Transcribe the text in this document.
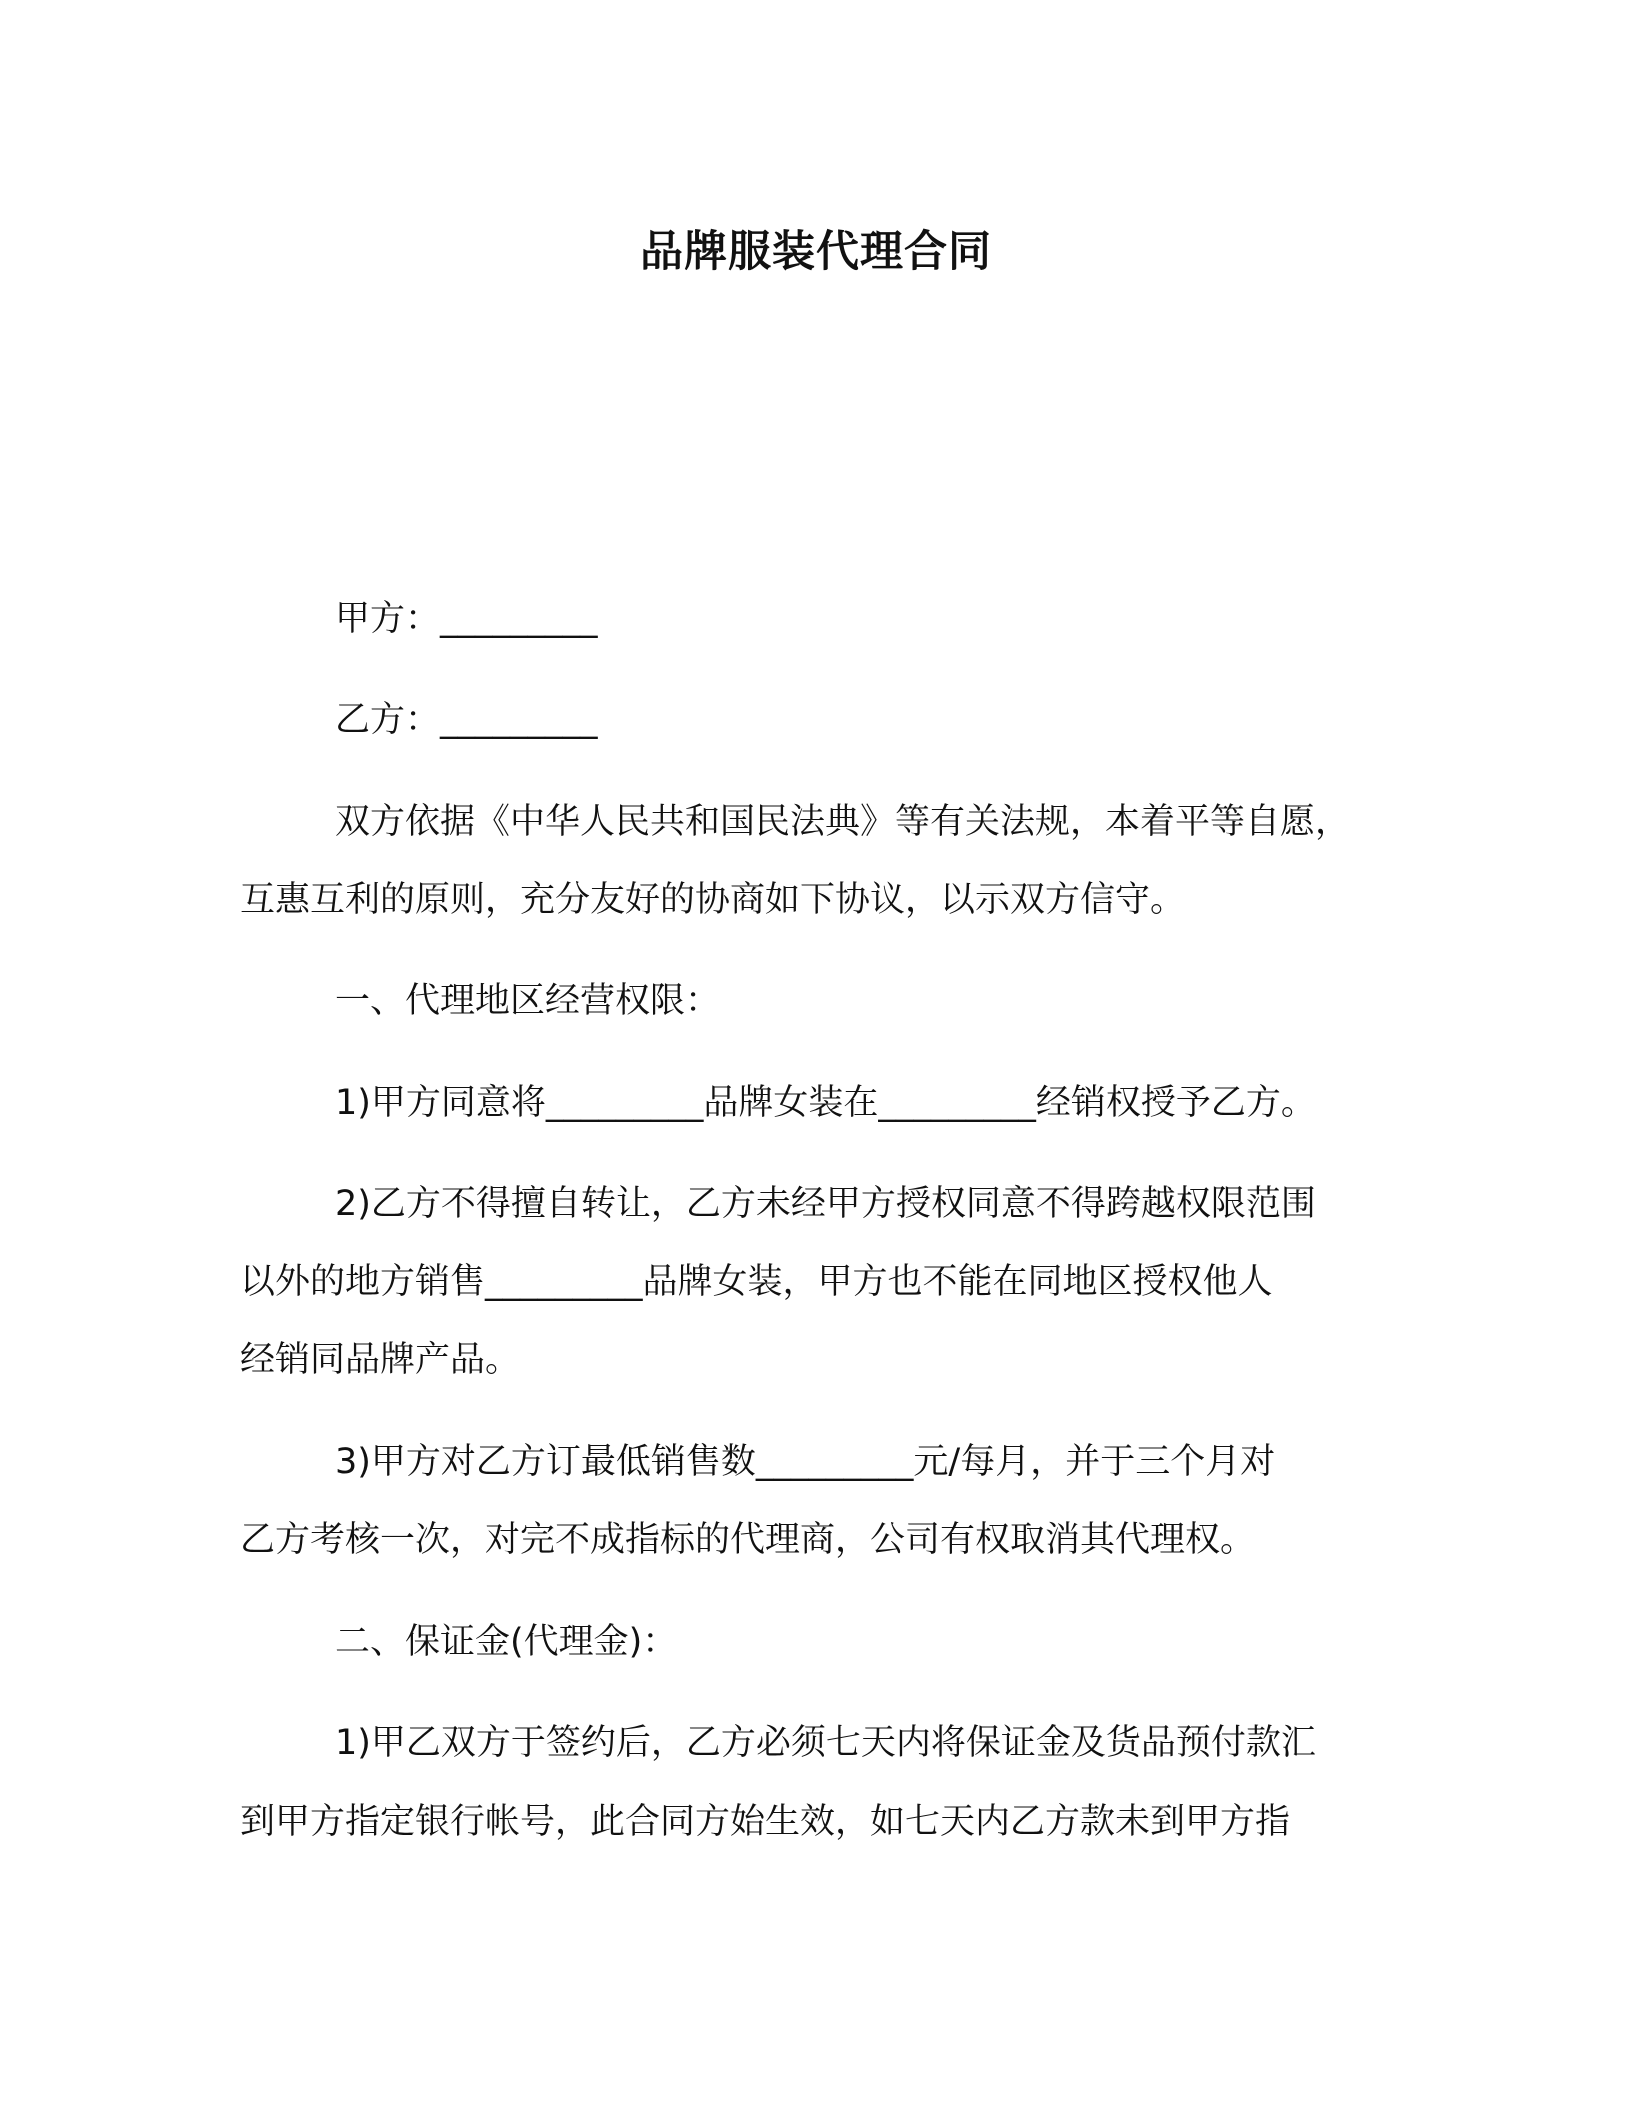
品牌服装代理合同
甲方：_________
乙方：_________
双方依据《中华人民共和国民法典》等有关法规，本着平等自愿，
互惠互利的原则，充分友好的协商如下协议，以示双方信守。
一、代理地区经营权限：
1)甲方同意将_________品牌女装在_________经销权授予乙方。
2)乙方不得擅自转让，乙方未经甲方授权同意不得跨越权限范围
以外的地方销售_________品牌女装，甲方也不能在同地区授权他人
经销同品牌产品。
3)甲方对乙方订最低销售数_________元/每月，并于三个月对
乙方考核一次，对完不成指标的代理商，公司有权取消其代理权。
二、保证金(代理金)：
1)甲乙双方于签约后，乙方必须七天内将保证金及货品预付款汇
到甲方指定银行帐号，此合同方始生效，如七天内乙方款未到甲方指
